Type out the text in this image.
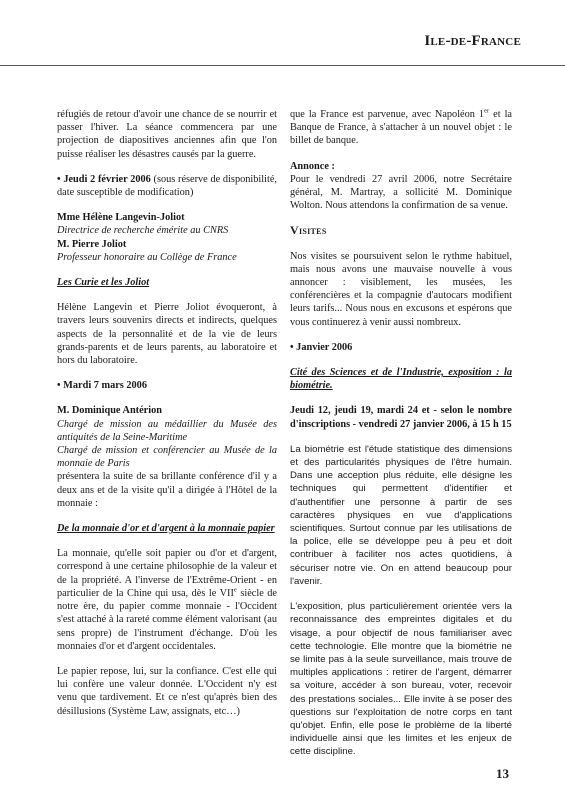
Ile-de-France

réfugiés de retour d'avoir une chance de se nourrir et passer l'hiver. La séance commencera par une projection de diapositives anciennes afin que l'on puisse réaliser les désastres causés par la guerre.

• Jeudi 2 février 2006 (sous réserve de disponibilité, date susceptible de modification)

Mme Hélène Langevin-Joliot
Directrice de recherche émérite au CNRS
M. Pierre Joliot
Professeur honoraire au Collège de France
Les Curie et les Joliot

Hélène Langevin et Pierre Joliot évoqueront, à travers leurs souvenirs directs et indirects, quelques aspects de la personnalité et de la vie de leurs grands-parents et de leurs parents, au laboratoire et hors du laboratoire.

• Mardi 7 mars 2006
M. Dominique Antérion

Chargé de mission au médaillier du Musée des antiquités de la Seine-Maritime

Chargé de mission et conférencier au Musée de la monnaie de Paris

présentera la suite de sa brillante conférence d'il y a deux ans et de la visite qu'il a dirigée à l'Hôtel de la monnaie :

De la monnaie d'or et d'argent à la monnaie papier

La monnaie, qu'elle soit papier ou d'or et d'argent, correspond à une certaine philosophie de la valeur et de la propriété. A l'inverse de l'Extrême-Orient - en particulier de la Chine qui usa, dès le VIIe siècle de notre ère, du papier comme monnaie - l'Occident s'est attaché à la rareté comme élément valorisant (au sens propre) de l'instrument d'échange. D'où les monnaies d'or et d'argent occidentales.

Le papier repose, lui, sur la confiance. C'est elle qui lui confère une valeur donnée. L'Occident n'y est venu que tardivement. Et ce n'est qu'après bien des désillusions (Système Law, assignats, etc…)

que la France est parvenue, avec Napoléon 1er et la Banque de France, à s'attacher à un nouvel objet : le billet de banque.

Annonce :

Pour le vendredi 27 avril 2006, notre Secrétaire général, M. Martray, a sollicité M. Dominique Wolton. Nous attendons la confirmation de sa venue.

Visites

Nos visites se poursuivent selon le rythme habituel, mais nous avons une mauvaise nouvelle à vous annoncer : visiblement, les musées, les conférencières et la compagnie d'autocars modifient leurs tarifs... Nous nous en excusons et espérons que vous continuerez à venir aussi nombreux.

• Janvier 2006

Cité des Sciences et de l'Industrie, exposition : la biométrie.

Jeudi 12, jeudi 19, mardi 24 et - selon le nombre d'inscriptions - vendredi 27 janvier 2006, à 15 h 15

La biométrie est l'étude statistique des dimensions et des particularités physiques de l'être humain. Dans une acception plus réduite, elle désigne les techniques qui permettent d'identifier et d'authentifier une personne à partir de ses caractères physiques en vue d'applications scientifiques. Surtout connue par les utilisations de la police, elle se développe peu à peu et doit contribuer à faciliter nos actes quotidiens, à sécuriser notre vie. On en attend beaucoup pour l'avenir.

L'exposition, plus particulièrement orientée vers la reconnaissance des empreintes digitales et du visage, a pour objectif de nous familiariser avec cette technologie. Elle montre que la biométrie ne se limite pas à la seule surveillance, mais trouve de multiples applications : retirer de l'argent, démarrer sa voiture, accéder à son bureau, voter, recevoir des prestations sociales... Elle invite à se poser des questions sur l'exploitation de notre corps en tant qu'objet. Enfin, elle pose le problème de la liberté individuelle ainsi que les limites et les enjeux de cette discipline.

13
